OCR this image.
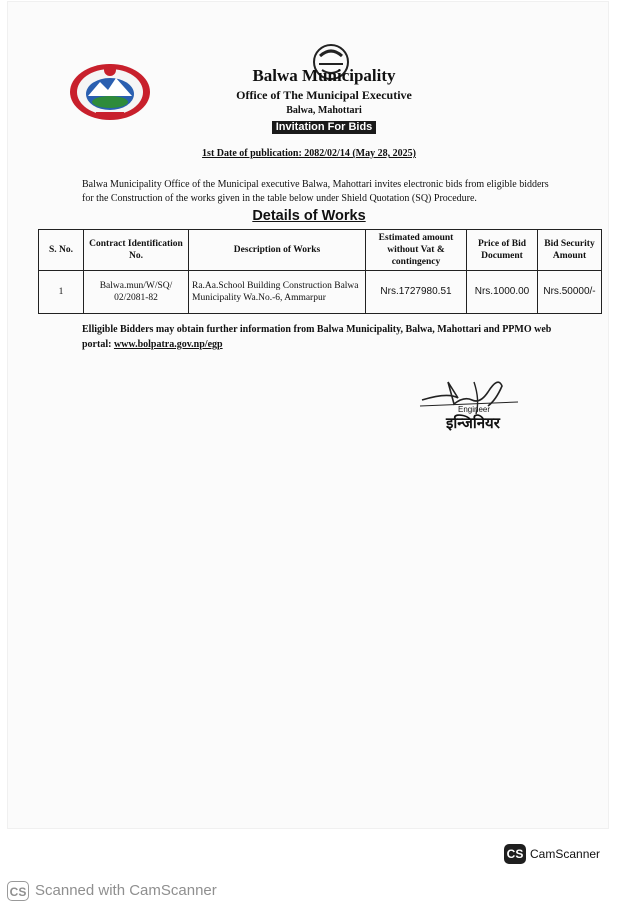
Balwa Municipality
Office of The Municipal Executive
Balwa, Mahottari
Invitation For Bids
1st Date of publication: 2082/02/14 (May 28, 2025)
Balwa Municipality Office of the Municipal executive Balwa, Mahottari invites electronic bids from eligible bidders for the Construction of the works given in the table below under Shield Quotation (SQ) Procedure.
Details of Works
S. No.	Contract Identification No.	Description of Works	Estimated amount without Vat & contingency	Price of Bid Document	Bid Security Amount
1	Balwa.mun/W/SQ/ 02/2081-82	Ra.Aa.School Building Construction Balwa Municipality Wa.No.-6, Ammarpur	Nrs.1727980.51	Nrs.1000.00	Nrs.50000/-
Elligible Bidders may obtain further information from Balwa Municipality, Balwa, Mahottari and PPMO web portal: www.bolpatra.gov.np/egp
Engineer
इन्जिनियर
CS CamScanner
CS Scanned with CamScanner
